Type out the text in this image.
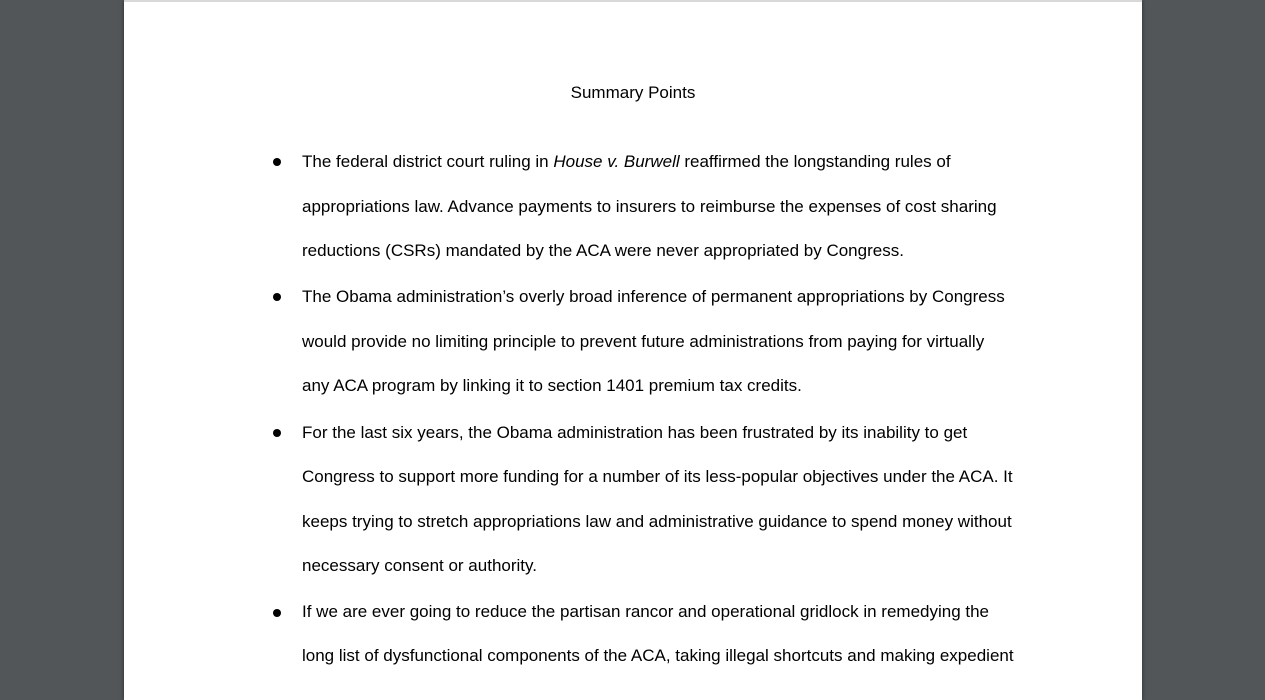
Summary Points
The federal district court ruling in House v. Burwell reaffirmed the longstanding rules of
appropriations law. Advance payments to insurers to reimburse the expenses of cost sharing
reductions (CSRs) mandated by the ACA were never appropriated by Congress.
The Obama administration’s overly broad inference of permanent appropriations by Congress
would provide no limiting principle to prevent future administrations from paying for virtually
any ACA program by linking it to section 1401 premium tax credits.
For the last six years, the Obama administration has been frustrated by its inability to get
Congress to support more funding for a number of its less-popular objectives under the ACA. It
keeps trying to stretch appropriations law and administrative guidance to spend money without
necessary consent or authority.
If we are ever going to reduce the partisan rancor and operational gridlock in remedying the
long list of dysfunctional components of the ACA, taking illegal shortcuts and making expedient
